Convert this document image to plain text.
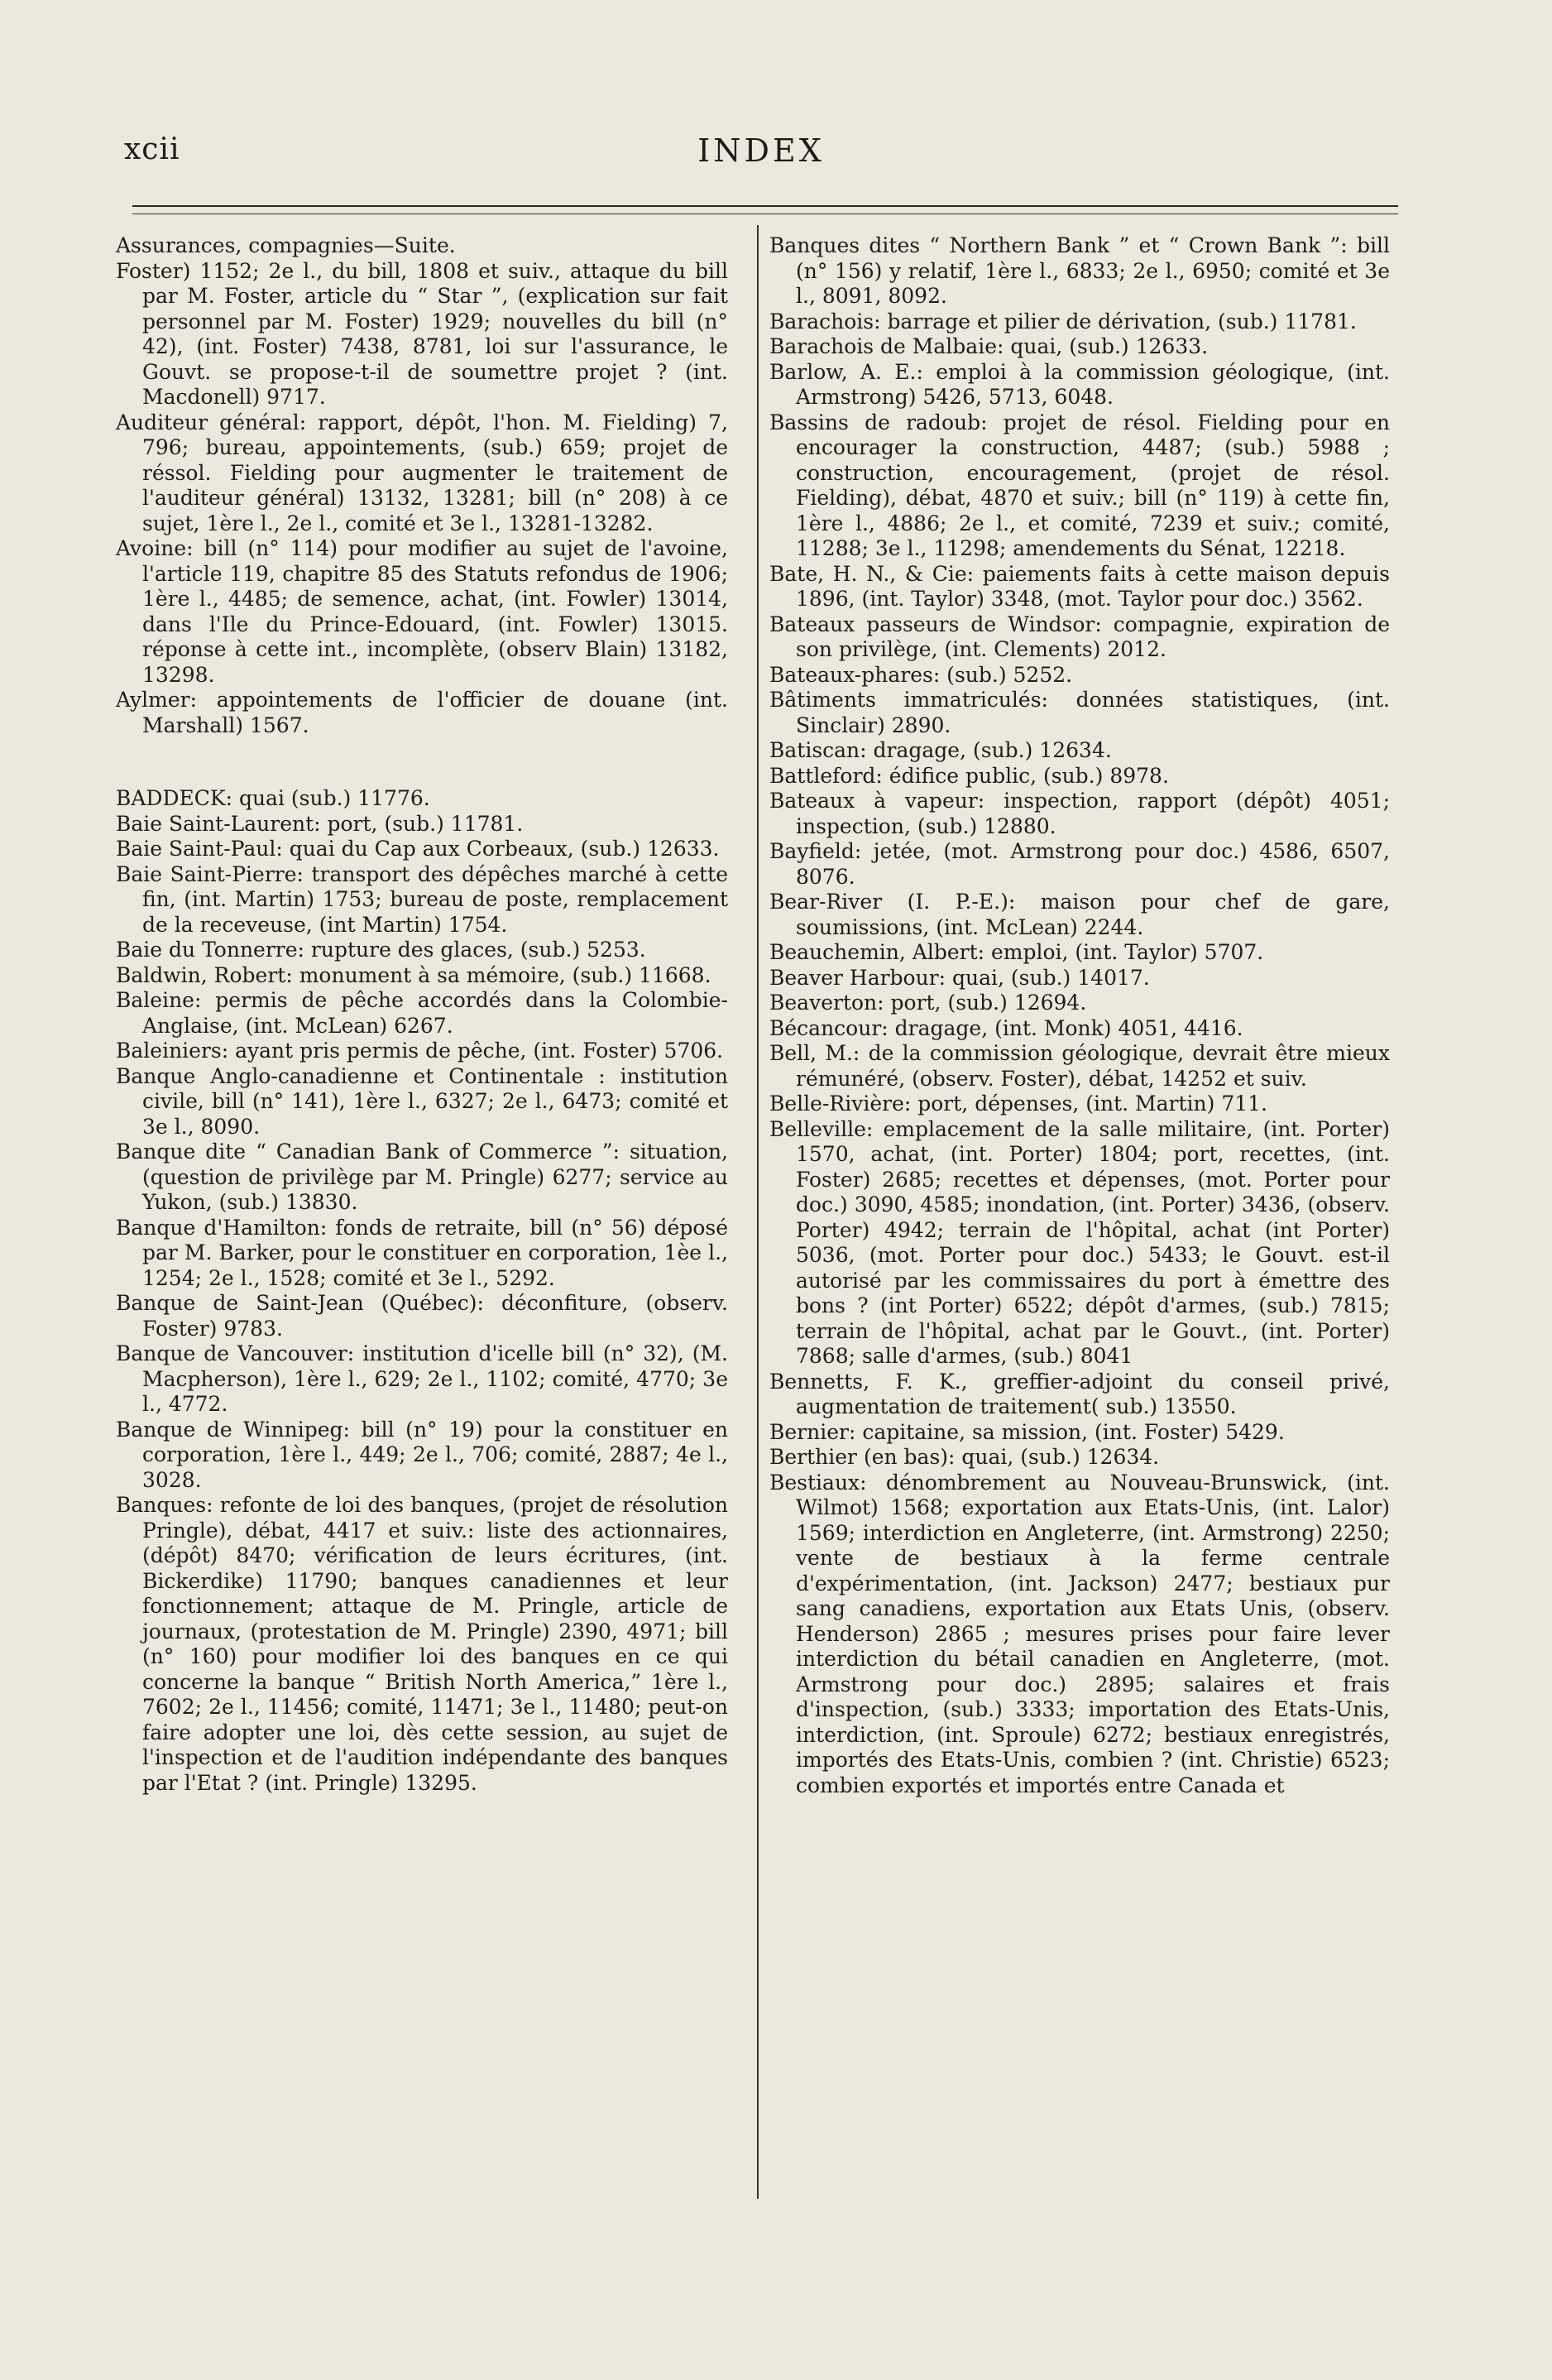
xcii	INDEX

Assurances, compagnies—Suite.

Foster) 1152; 2e l., du bill, 1808 et suiv., attaque du bill par M. Foster, article du “ Star ”, (explication sur fait personnel par M. Foster) 1929; nouvelles du bill (n° 42), (int. Foster) 7438, 8781, loi sur l'assurance, le Gouvt. se propose-t-il de soumettre projet ? (int. Macdonell) 9717.

Auditeur général: rapport, dépôt, l'hon. M. Fielding) 7, 796; bureau, appointements, (sub.) 659; projet de réssol. Fielding pour augmenter le traitement de l'auditeur général) 13132, 13281; bill (n° 208) à ce sujet, 1ère l., 2e l., comité et 3e l., 13281-13282.

Avoine: bill (n° 114) pour modifier au sujet de l'avoine, l'article 119, chapitre 85 des Statuts refondus de 1906; 1ère l., 4485; de semence, achat, (int. Fowler) 13014, dans l'Ile du Prince-Edouard, (int. Fowler) 13015. réponse à cette int., incomplète, (observ Blain) 13182, 13298.

Aylmer: appointements de l'officier de douane (int. Marshall) 1567.

BADDECK: quai (sub.) 11776.

Baie Saint-Laurent: port, (sub.) 11781.

Baie Saint-Paul: quai du Cap aux Corbeaux, (sub.) 12633.

Baie Saint-Pierre: transport des dépêches marché à cette fin, (int. Martin) 1753; bureau de poste, remplacement de la receveuse, (int Martin) 1754.

Baie du Tonnerre: rupture des glaces, (sub.) 5253.

Baldwin, Robert: monument à sa mémoire, (sub.) 11668.

Baleine: permis de pêche accordés dans la Colombie-Anglaise, (int. McLean) 6267.

Baleiniers: ayant pris permis de pêche, (int. Foster) 5706.

Banque Anglo-canadienne et Continentale : institution civile, bill (n° 141), 1ère l., 6327; 2e l., 6473; comité et 3e l., 8090.

Banque dite “ Canadian Bank of Commerce ”: situation, (question de privilège par M. Pringle) 6277; service au Yukon, (sub.) 13830.

Banque d'Hamilton: fonds de retraite, bill (n° 56) déposé par M. Barker, pour le constituer en corporation, 1èe l., 1254; 2e l., 1528; comité et 3e l., 5292.

Banque de Saint-Jean (Québec): déconfiture, (observ. Foster) 9783.

Banque de Vancouver: institution d'icelle bill (n° 32), (M. Macpherson), 1ère l., 629; 2e l., 1102; comité, 4770; 3e l., 4772.

Banque de Winnipeg: bill (n° 19) pour la constituer en corporation, 1ère l., 449; 2e l., 706; comité, 2887; 4e l., 3028.

Banques: refonte de loi des banques, (projet de résolution Pringle), débat, 4417 et suiv.: liste des actionnaires, (dépôt) 8470; vérification de leurs écritures, (int. Bickerdike) 11790; banques canadiennes et leur fonctionnement; attaque de M. Pringle, article de journaux, (protestation de M. Pringle) 2390, 4971; bill (n° 160) pour modifier loi des banques en ce qui concerne la banque “ British North America,” 1ère l., 7602; 2e l., 11456; comité, 11471; 3e l., 11480; peut-on faire adopter une loi, dès cette session, au sujet de l'inspection et de l'audition indépendante des banques par l'Etat ? (int. Pringle) 13295.

Banques dites “ Northern Bank ” et “ Crown Bank ”: bill (n° 156) y relatif, 1ère l., 6833; 2e l., 6950; comité et 3e l., 8091, 8092.

Barachois: barrage et pilier de dérivation, (sub.) 11781.

Barachois de Malbaie: quai, (sub.) 12633.

Barlow, A. E.: emploi à la commission géologique, (int. Armstrong) 5426, 5713, 6048.

Bassins de radoub: projet de résol. Fielding pour en encourager la construction, 4487; (sub.) 5988 ; construction, encouragement, (projet de résol. Fielding), débat, 4870 et suiv.; bill (n° 119) à cette fin, 1ère l., 4886; 2e l., et comité, 7239 et suiv.; comité, 11288; 3e l., 11298; amendements du Sénat, 12218.

Bate, H. N., & Cie: paiements faits à cette maison depuis 1896, (int. Taylor) 3348, (mot. Taylor pour doc.) 3562.

Bateaux passeurs de Windsor: compagnie, expiration de son privilège, (int. Clements) 2012.

Bateaux-phares: (sub.) 5252.

Bâtiments immatriculés: données statistiques, (int. Sinclair) 2890.

Batiscan: dragage, (sub.) 12634.

Battleford: édifice public, (sub.) 8978.

Bateaux à vapeur: inspection, rapport (dépôt) 4051; inspection, (sub.) 12880.

Bayfield: jetée, (mot. Armstrong pour doc.) 4586, 6507, 8076.

Bear-River (I. P.-E.): maison pour chef de gare, soumissions, (int. McLean) 2244.

Beauchemin, Albert: emploi, (int. Taylor) 5707.

Beaver Harbour: quai, (sub.) 14017.

Beaverton: port, (sub.) 12694.

Bécancour: dragage, (int. Monk) 4051, 4416.

Bell, M.: de la commission géologique, devrait être mieux rémunéré, (observ. Foster), débat, 14252 et suiv.

Belle-Rivière: port, dépenses, (int. Martin) 711.

Belleville: emplacement de la salle militaire, (int. Porter) 1570, achat, (int. Porter) 1804; port, recettes, (int. Foster) 2685; recettes et dépenses, (mot. Porter pour doc.) 3090, 4585; inondation, (int. Porter) 3436, (observ. Porter) 4942; terrain de l'hôpital, achat (int Porter) 5036, (mot. Porter pour doc.) 5433; le Gouvt. est-il autorisé par les commissaires du port à émettre des bons ? (int Porter) 6522; dépôt d'armes, (sub.) 7815; terrain de l'hôpital, achat par le Gouvt., (int. Porter) 7868; salle d'armes, (sub.) 8041

Bennetts, F. K., greffier-adjoint du conseil privé, augmentation de traitement( sub.) 13550.

Bernier: capitaine, sa mission, (int. Foster) 5429.

Berthier (en bas): quai, (sub.) 12634.

Bestiaux: dénombrement au Nouveau-Brunswick, (int. Wilmot) 1568; exportation aux Etats-Unis, (int. Lalor) 1569; interdiction en Angleterre, (int. Armstrong) 2250; vente de bestiaux à la ferme centrale d'expérimentation, (int. Jackson) 2477; bestiaux pur sang canadiens, exportation aux Etats Unis, (observ. Henderson) 2865 ; mesures prises pour faire lever interdiction du bétail canadien en Angleterre, (mot. Armstrong pour doc.) 2895; salaires et frais d'inspection, (sub.) 3333; importation des Etats-Unis, interdiction, (int. Sproule) 6272; bestiaux enregistrés, importés des Etats-Unis, combien ? (int. Christie) 6523; combien exportés et importés entre Canada et
